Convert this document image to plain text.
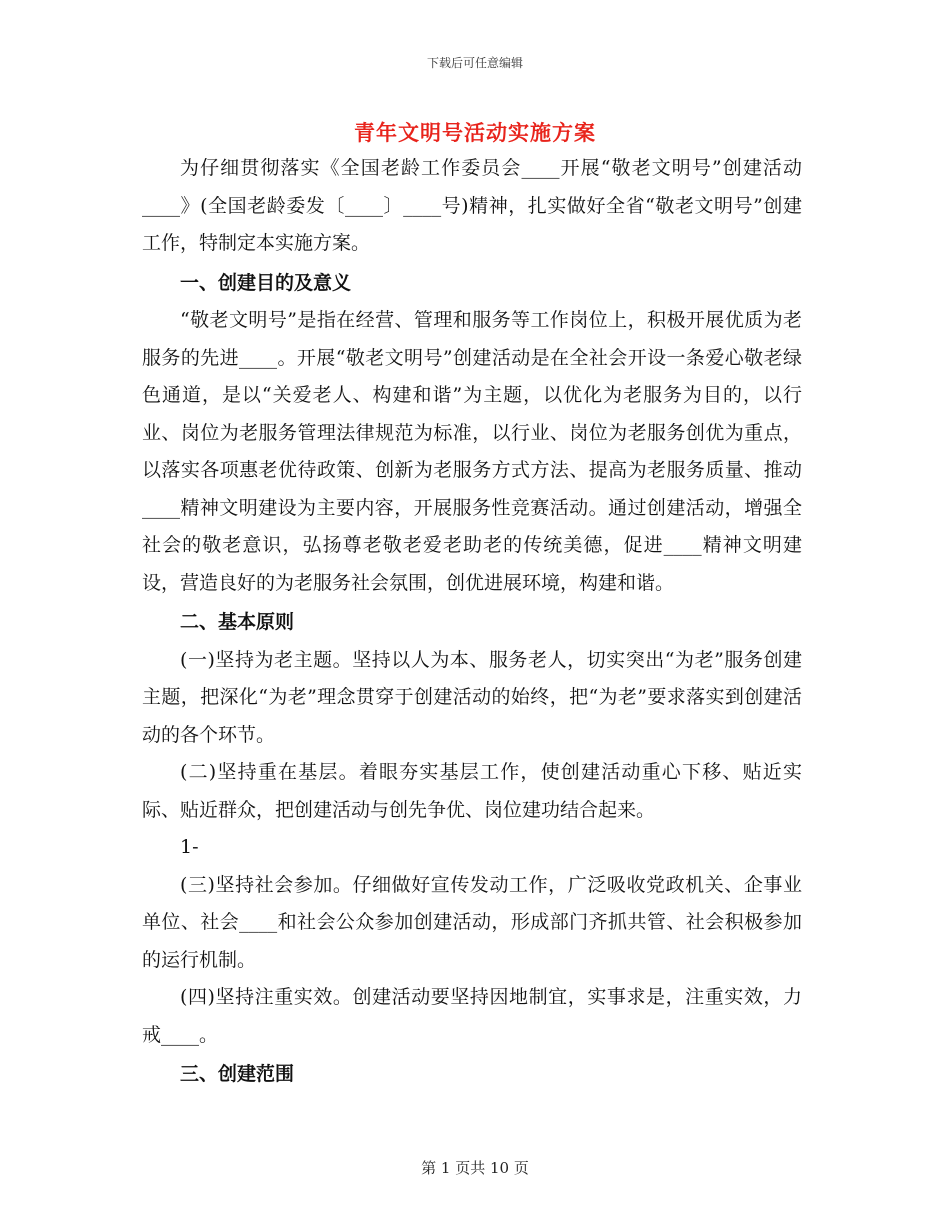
下载后可任意编辑
青年文明号活动实施方案

为仔细贯彻落实《全国老龄工作委员会____开展“敬老文明号”创建活动____》(全国老龄委发〔____〕____号)精神，扎实做好全省“敬老文明号”创建工作，特制定本实施方案。

一、创建目的及意义

“敬老文明号”是指在经营、管理和服务等工作岗位上，积极开展优质为老服务的先进____。开展“敬老文明号”创建活动是在全社会开设一条爱心敬老绿色通道，是以“关爱老人、构建和谐”为主题，以优化为老服务为目的，以行业、岗位为老服务管理法律规范为标准，以行业、岗位为老服务创优为重点，以落实各项惠老优待政策、创新为老服务方式方法、提高为老服务质量、推动____精神文明建设为主要内容，开展服务性竞赛活动。通过创建活动，增强全社会的敬老意识，弘扬尊老敬老爱老助老的传统美德，促进____精神文明建设，营造良好的为老服务社会氛围，创优进展环境，构建和谐。

二、基本原则

(一)坚持为老主题。坚持以人为本、服务老人，切实突出“为老”服务创建主题，把深化“为老”理念贯穿于创建活动的始终，把“为老”要求落实到创建活动的各个环节。

(二)坚持重在基层。着眼夯实基层工作，使创建活动重心下移、贴近实际、贴近群众，把创建活动与创先争优、岗位建功结合起来。

1-

(三)坚持社会参加。仔细做好宣传发动工作，广泛吸收党政机关、企事业单位、社会____和社会公众参加创建活动，形成部门齐抓共管、社会积极参加的运行机制。

(四)坚持注重实效。创建活动要坚持因地制宜，实事求是，注重实效，力戒____。

三、创建范围

第 1 页共 10 页
